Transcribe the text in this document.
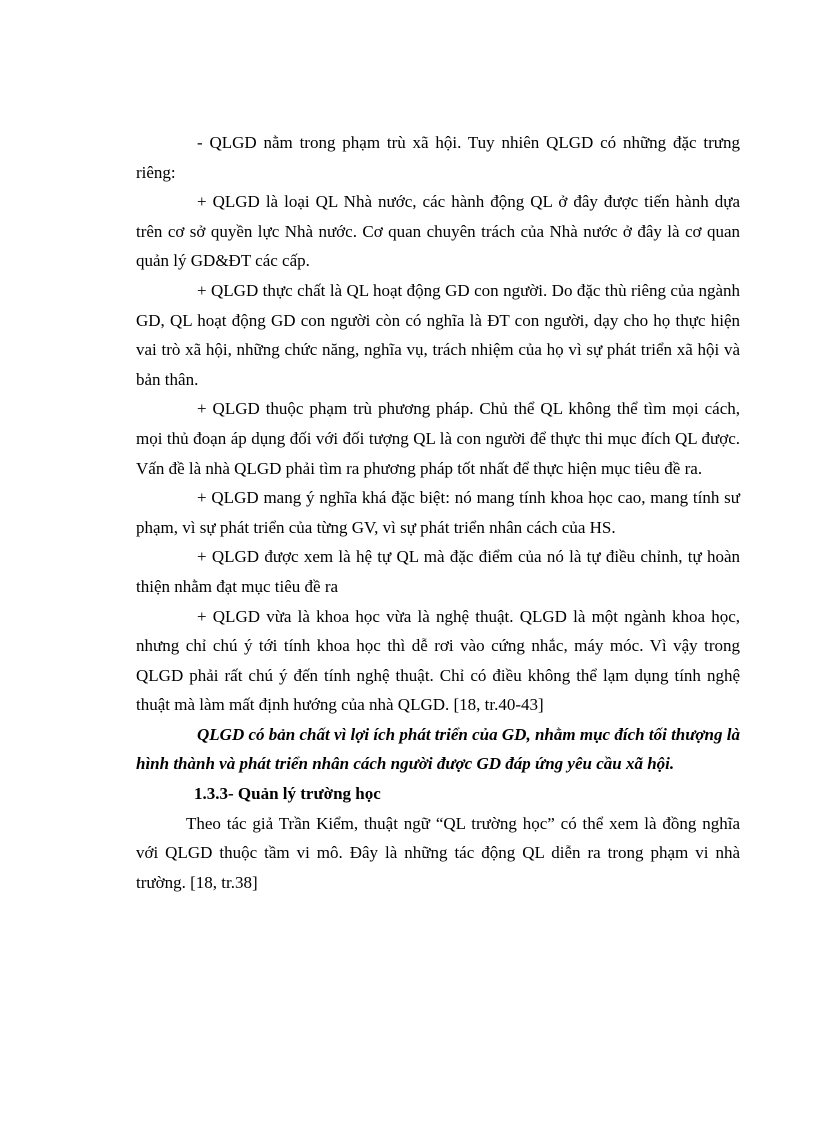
- QLGD nằm trong phạm trù xã hội. Tuy nhiên QLGD có những đặc trưng riêng:

+ QLGD là loại QL Nhà nước, các hành động QL ở đây được tiến hành dựa trên cơ sở quyền lực Nhà nước. Cơ quan chuyên trách của Nhà nước ở đây là cơ quan quản lý GD&ĐT các cấp.

+ QLGD thực chất là QL hoạt động GD con người. Do đặc thù riêng của ngành GD, QL hoạt động GD con người còn có nghĩa là ĐT con người, dạy cho họ thực hiện vai trò xã hội, những chức năng, nghĩa vụ, trách nhiệm của họ vì sự phát triển xã hội và bản thân.

+ QLGD thuộc phạm trù phương pháp. Chủ thể QL không thể tìm mọi cách, mọi thủ đoạn áp dụng đối với đối tượng QL là con người để thực thi mục đích QL được. Vấn đề là nhà QLGD phải tìm ra phương pháp tốt nhất để thực hiện mục tiêu đề ra.

+ QLGD mang ý nghĩa khá đặc biệt: nó mang tính khoa học cao, mang tính sư phạm, vì sự phát triển của từng GV, vì sự phát triển nhân cách của HS.

+ QLGD được xem là hệ tự QL mà đặc điểm của nó là tự điều chỉnh, tự hoàn thiện nhằm đạt mục tiêu đề ra

+ QLGD vừa là khoa học vừa là nghệ thuật. QLGD là một ngành khoa học, nhưng chỉ chú ý tới tính khoa học thì dễ rơi vào cứng nhắc, máy móc. Vì vậy trong QLGD phải rất chú ý đến tính nghệ thuật. Chỉ có điều không thể lạm dụng tính nghệ thuật mà làm mất định hướng của nhà QLGD. [18, tr.40-43]

QLGD có bản chất vì lợi ích phát triển của GD, nhằm mục đích tối thượng là hình thành và phát triển nhân cách người được GD đáp ứng yêu cầu xã hội.

1.3.3- Quản lý trường học

Theo tác giả Trần Kiểm, thuật ngữ “QL trường học” có thể xem là đồng nghĩa với QLGD thuộc tầm vi mô. Đây là những tác động QL diễn ra trong phạm vi nhà trường. [18, tr.38]
